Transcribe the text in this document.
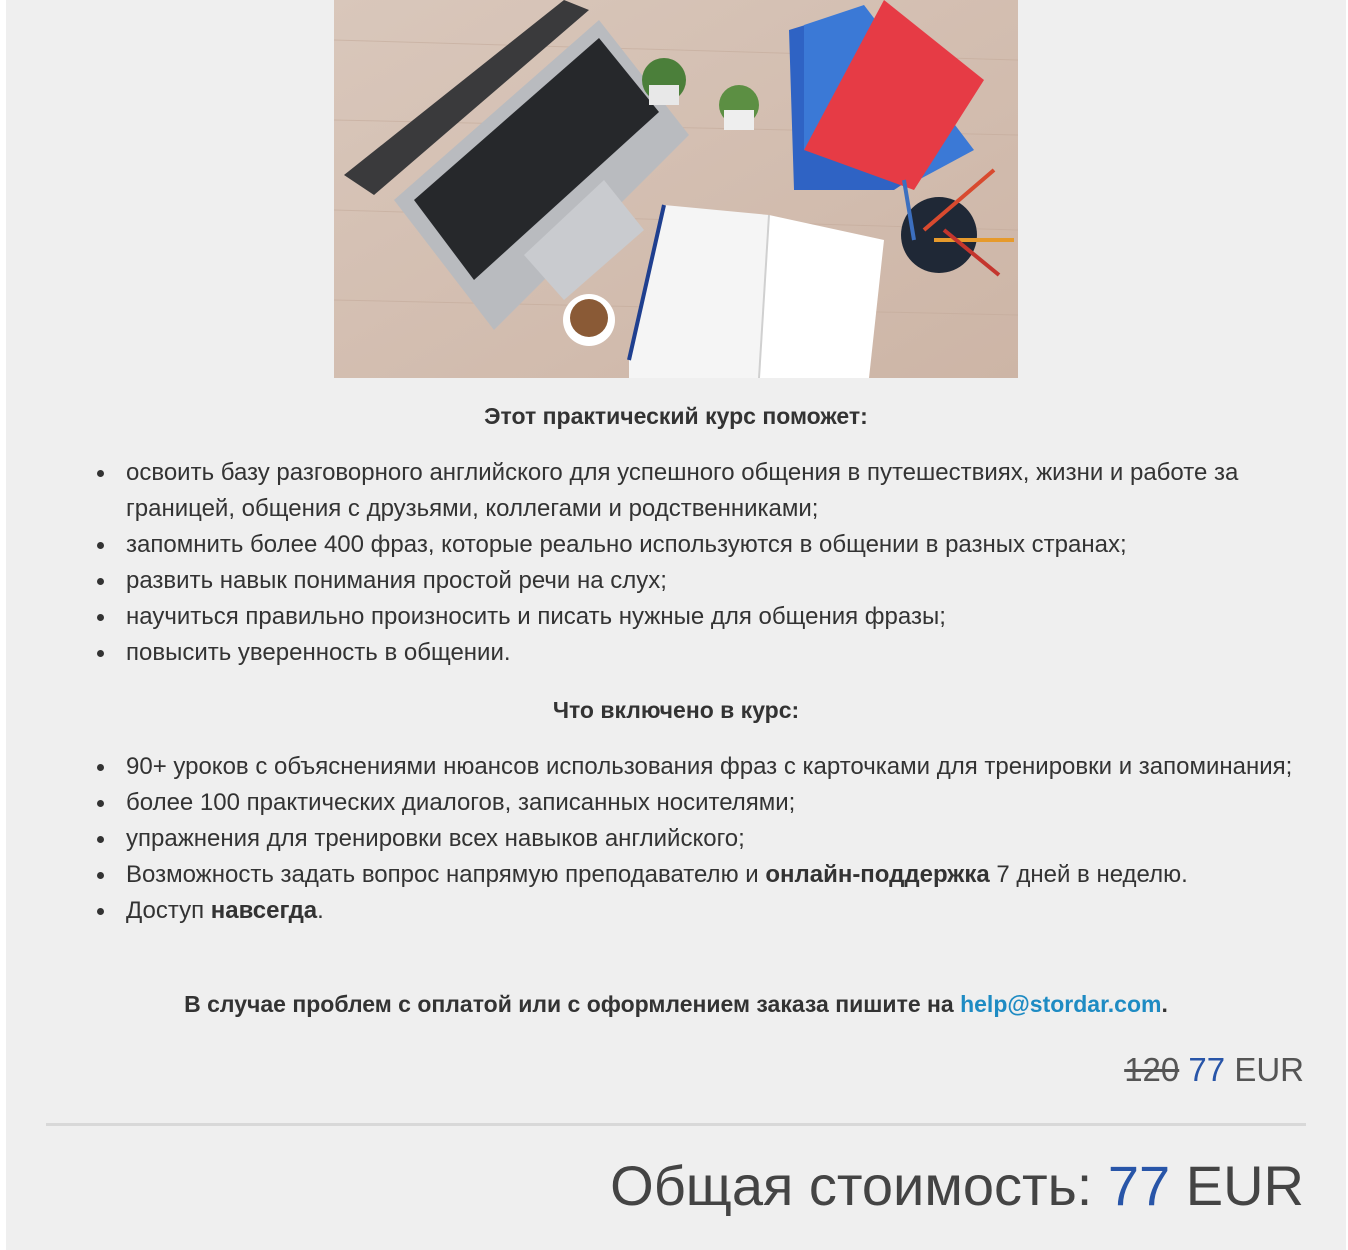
Этот практический курс поможет:
освоить базу разговорного английского для успешного общения в путешествиях, жизни и работе за границей, общения с друзьями, коллегами и родственниками;
запомнить более 400 фраз, которые реально используются в общении в разных странах;
развить навык понимания простой речи на слух;
научиться правильно произносить и писать нужные для общения фразы;
повысить уверенность в общении.
Что включено в курс:
90+ уроков с объяснениями нюансов использования фраз с карточками для тренировки и запоминания;
более 100 практических диалогов, записанных носителями;
упражнения для тренировки всех навыков английского;
Возможность задать вопрос напрямую преподавателю и онлайн-поддержка 7 дней в неделю.
Доступ навсегда.
В случае проблем с оплатой или с оформлением заказа пишите на help@stordar.com.
120 77 EUR
Общая стоимость: 77 EUR
